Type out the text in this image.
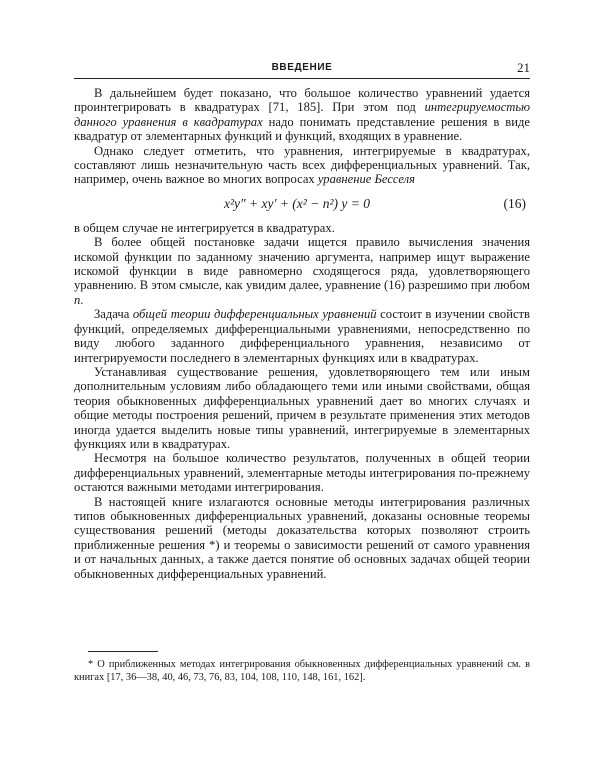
ВВЕДЕНИЕ	21

В дальнейшем будет показано, что большое количество уравнений удается проинтегрировать в квадратурах [71, 185]. При этом под интегрируемостью данного уравнения в квадратурах надо понимать представление решения в виде квадратур от элементарных функций и функций, входящих в уравнение.

Однако следует отметить, что уравнения, интегрируемые в квадратурах, составляют лишь незначительную часть всех дифференциальных уравнений. Так, например, очень важное во многих вопросах уравнение Бесселя

x²y″ + xy′ + (x² − n²) y = 0	(16)

в общем случае не интегрируется в квадратурах.

В более общей постановке задачи ищется правило вычисления значения искомой функции по заданному значению аргумента, например ищут выражение искомой функции в виде равномерно сходящегося ряда, удовлетворяющего уравнению. В этом смысле, как увидим далее, уравнение (16) разрешимо при любом n.

Задача общей теории дифференциальных уравнений состоит в изучении свойств функций, определяемых дифференциальными уравнениями, непосредственно по виду любого заданного дифференциального уравнения, независимо от интегрируемости последнего в элементарных функциях или в квадратурах.

Устанавливая существование решения, удовлетворяющего тем или иным дополнительным условиям либо обладающего теми или иными свойствами, общая теория обыкновенных дифференциальных уравнений дает во многих случаях и общие методы построения решений, причем в результате применения этих методов иногда удается выделить новые типы уравнений, интегрируемые в элементарных функциях или в квадратурах.

Несмотря на большое количество результатов, полученных в общей теории дифференциальных уравнений, элементарные методы интегрирования по-прежнему остаются важными методами интегрирования.

В настоящей книге излагаются основные методы интегрирования различных типов обыкновенных дифференциальных уравнений, доказаны основные теоремы существования решений (методы доказательства которых позволяют строить приближенные решения *) и теоремы о зависимости решений от самого уравнения и от начальных данных, а также дается понятие об основных задачах общей теории обыкновенных дифференциальных уравнений.

* О приближенных методах интегрирования обыкновенных дифференциальных уравнений см. в книгах [17, 36—38, 40, 46, 73, 76, 83, 104, 108, 110, 148, 161, 162].
